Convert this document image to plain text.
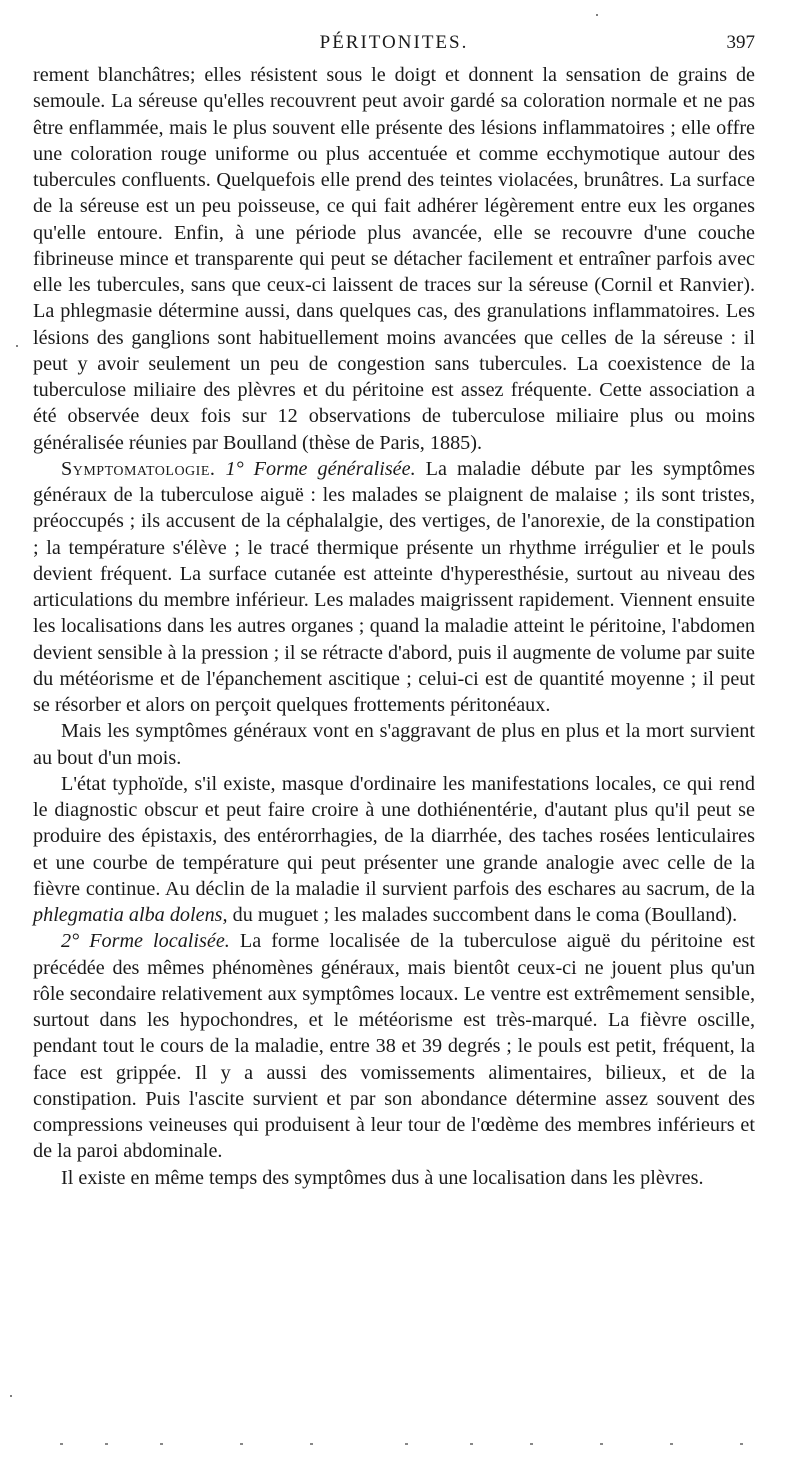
PÉRITONITES.	397

rement blanchâtres; elles résistent sous le doigt et donnent la sensation de grains de semoule. La séreuse qu'elles recouvrent peut avoir gardé sa coloration normale et ne pas être enflammée, mais le plus souvent elle présente des lésions inflammatoires ; elle offre une coloration rouge uniforme ou plus accentuée et comme ecchymotique autour des tubercules confluents. Quelquefois elle prend des teintes violacées, brunâtres. La surface de la séreuse est un peu poisseuse, ce qui fait adhérer légèrement entre eux les organes qu'elle entoure. Enfin, à une période plus avancée, elle se recouvre d'une couche fibrineuse mince et transparente qui peut se détacher facilement et entraîner parfois avec elle les tubercules, sans que ceux-ci laissent de traces sur la séreuse (Cornil et Ranvier). La phlegmasie détermine aussi, dans quelques cas, des granulations inflammatoires. Les lésions des ganglions sont habituellement moins avancées que celles de la séreuse : il peut y avoir seulement un peu de congestion sans tubercules. La coexistence de la tuberculose miliaire des plèvres et du péritoine est assez fréquente. Cette association a été observée deux fois sur 12 observations de tuberculose miliaire plus ou moins généralisée réunies par Boulland (thèse de Paris, 1885).

Symptomatologie. 1° Forme généralisée. La maladie débute par les symptômes généraux de la tuberculose aiguë : les malades se plaignent de malaise ; ils sont tristes, préoccupés ; ils accusent de la céphalalgie, des vertiges, de l'anorexie, de la constipation ; la température s'élève ; le tracé thermique présente un rhythme irrégulier et le pouls devient fréquent. La surface cutanée est atteinte d'hyperesthésie, surtout au niveau des articulations du membre inférieur. Les malades maigrissent rapidement. Viennent ensuite les localisations dans les autres organes ; quand la maladie atteint le péritoine, l'abdomen devient sensible à la pression ; il se rétracte d'abord, puis il augmente de volume par suite du météorisme et de l'épanchement ascitique ; celui-ci est de quantité moyenne ; il peut se résorber et alors on perçoit quelques frottements péritonéaux.

Mais les symptômes généraux vont en s'aggravant de plus en plus et la mort survient au bout d'un mois.

L'état typhoïde, s'il existe, masque d'ordinaire les manifestations locales, ce qui rend le diagnostic obscur et peut faire croire à une dothiénentérie, d'autant plus qu'il peut se produire des épistaxis, des entérorrhagies, de la diarrhée, des taches rosées lenticulaires et une courbe de température qui peut présenter une grande analogie avec celle de la fièvre continue. Au déclin de la maladie il survient parfois des eschares au sacrum, de la phlegmatia alba dolens, du muguet ; les malades succombent dans le coma (Boulland).

2° Forme localisée. La forme localisée de la tuberculose aiguë du péritoine est précédée des mêmes phénomènes généraux, mais bientôt ceux-ci ne jouent plus qu'un rôle secondaire relativement aux symptômes locaux. Le ventre est extrêmement sensible, surtout dans les hypochondres, et le météorisme est très-marqué. La fièvre oscille, pendant tout le cours de la maladie, entre 38 et 39 degrés ; le pouls est petit, fréquent, la face est grippée. Il y a aussi des vomissements alimentaires, bilieux, et de la constipation. Puis l'ascite survient et par son abondance détermine assez souvent des compressions veineuses qui produisent à leur tour de l'œdème des membres inférieurs et de la paroi abdominale.

Il existe en même temps des symptômes dus à une localisation dans les plèvres.
